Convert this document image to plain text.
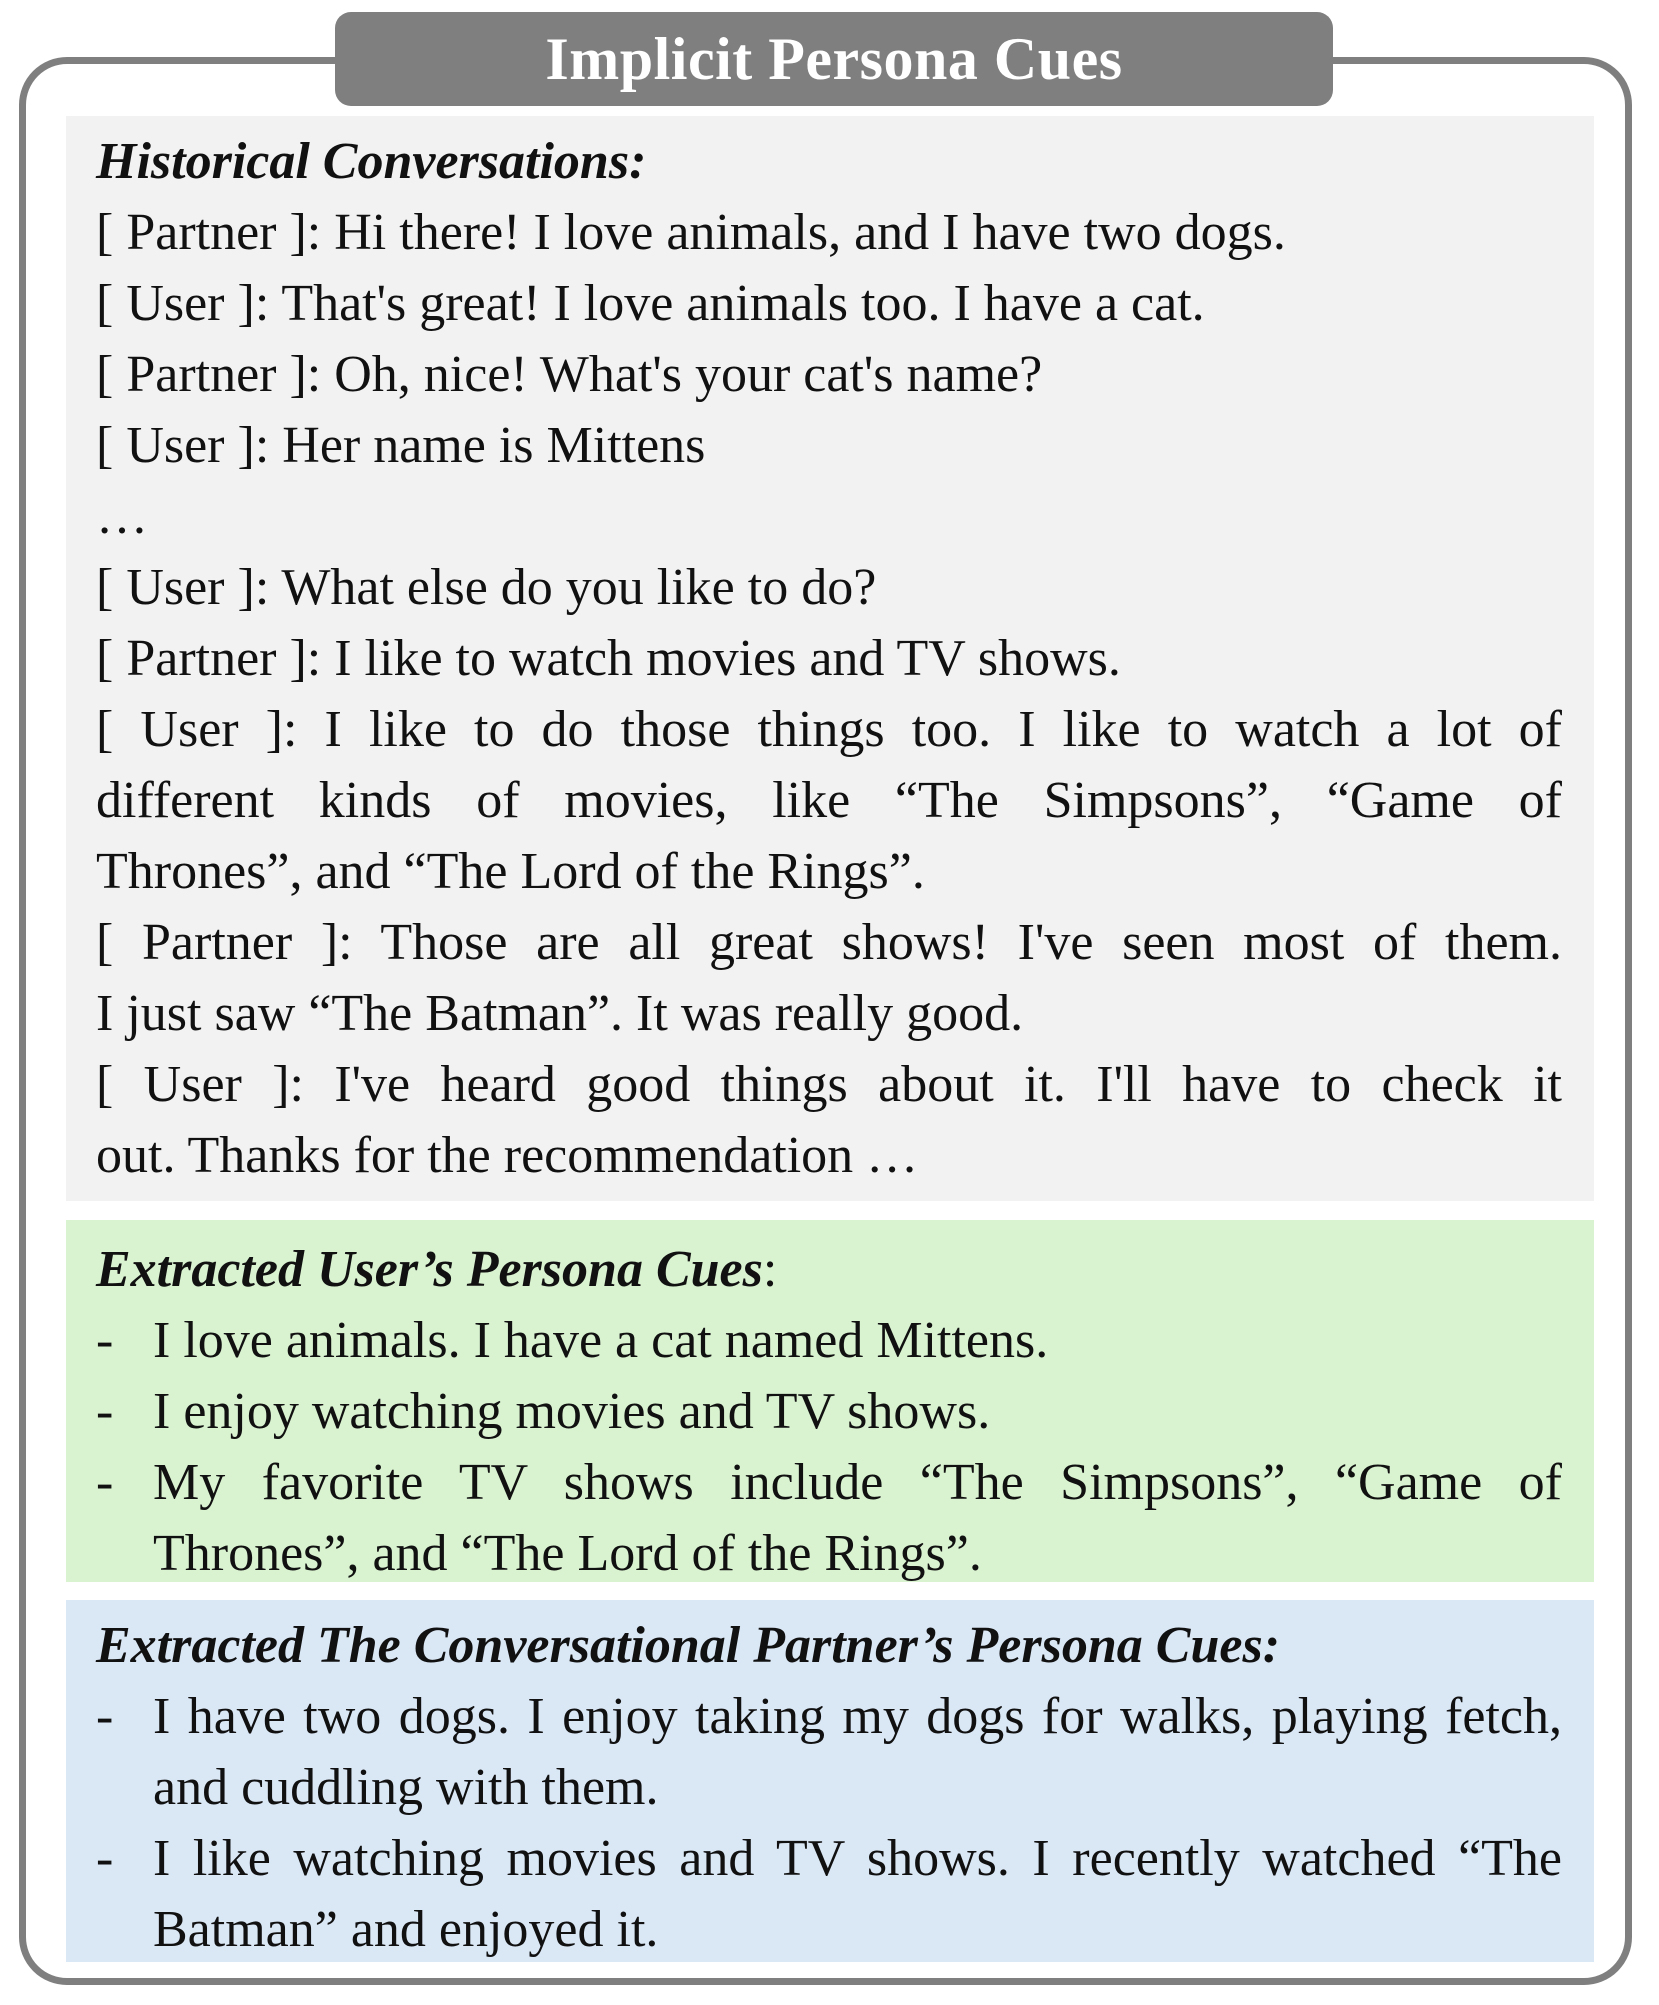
Implicit Persona Cues
Historical Conversations:
[ Partner ]: Hi there! I love animals, and I have two dogs.
[ User ]: That's great! I love animals too. I have a cat.
[ Partner ]: Oh, nice! What's your cat's name?
[ User ]: Her name is Mittens
…
[ User ]: What else do you like to do?
[ Partner ]: I like to watch movies and TV shows.
[ User ]: I like to do those things too. I like to watch a lot of
different kinds of movies, like “The Simpsons”, “Game of
Thrones”, and “The Lord of the Rings”.
[ Partner ]: Those are all great shows! I've seen most of them.
I just saw “The Batman”. It was really good.
[ User ]: I've heard good things about it. I'll have to check it
out. Thanks for the recommendation …
Extracted User’s Persona Cues:
- I love animals. I have a cat named Mittens.
- I enjoy watching movies and TV shows.
- My favorite TV shows include “The Simpsons”, “Game of Thrones”, and “The Lord of the Rings”.
Extracted The Conversational Partner’s Persona Cues:
- I have two dogs. I enjoy taking my dogs for walks, playing fetch, and cuddling with them.
- I like watching movies and TV shows. I recently watched “The Batman” and enjoyed it.
